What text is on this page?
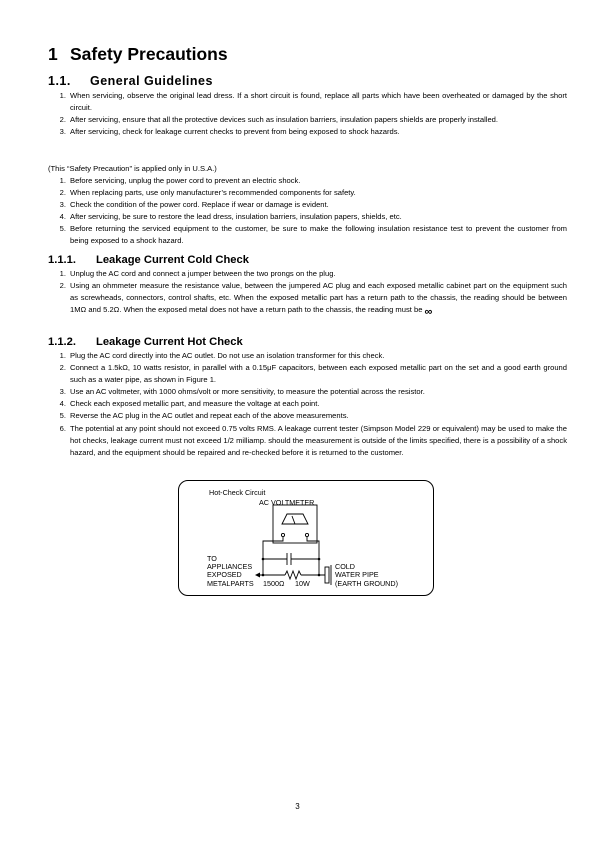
1 Safety Precautions
1.1. General Guidelines
1. When servicing, observe the original lead dress. If a short circuit is found, replace all parts which have been overheated or damaged by the short circuit.
2. After servicing, ensure that all the protective devices such as insulation barriers, insulation papers shields are properly installed.
3. After servicing, check for leakage current checks to prevent from being exposed to shock hazards.
(This “Safety Precaution” is applied only in U.S.A.)
1. Before servicing, unplug the power cord to prevent an electric shock.
2. When replacing parts, use only manufacturer’s recommended components for safety.
3. Check the condition of the power cord. Replace if wear or damage is evident.
4. After servicing, be sure to restore the lead dress, insulation barriers, insulation papers, shields, etc.
5. Before returning the serviced equipment to the customer, be sure to make the following insulation resistance test to prevent the customer from being exposed to a shock hazard.
1.1.1. Leakage Current Cold Check
1. Unplug the AC cord and connect a jumper between the two prongs on the plug.
2. Using an ohmmeter measure the resistance value, between the jumpered AC plug and each exposed metallic cabinet part on the equipment such as screwheads, connectors, control shafts, etc. When the exposed metallic part has a return path to the chassis, the reading should be between 1MΩ and 5.2Ω. When the exposed metal does not have a return path to the chassis, the reading must be ∞
1.1.2. Leakage Current Hot Check
1. Plug the AC cord directly into the AC outlet. Do not use an isolation transformer for this check.
2. Connect a 1.5kΩ, 10 watts resistor, in parallel with a 0.15μF capacitors, between each exposed metallic part on the set and a good earth ground such as a water pipe, as shown in Figure 1.
3. Use an AC voltmeter, with 1000 ohms/volt or more sensitivity, to measure the potential across the resistor.
4. Check each exposed metallic part, and measure the voltage at each point.
5. Reverse the AC plug in the AC outlet and repeat each of the above measurements.
6. The potential at any point should not exceed 0.75 volts RMS. A leakage current tester (Simpson Model 229 or equivalent) may be used to make the hot checks, leakage current must not exceed 1/2 milliamp. should the measurement is outside of the limits specified, there is a possibility of a shock hazard, and the equipment should be repaired and re-checked before it is returned to the customer.
Hot-Check Circuit
AC VOLTMETER
TO
APPLIANCES
EXPOSED
METALPARTS 1500Ω 10W
COLD
WATER PIPE
(EARTH GROUND)
3
